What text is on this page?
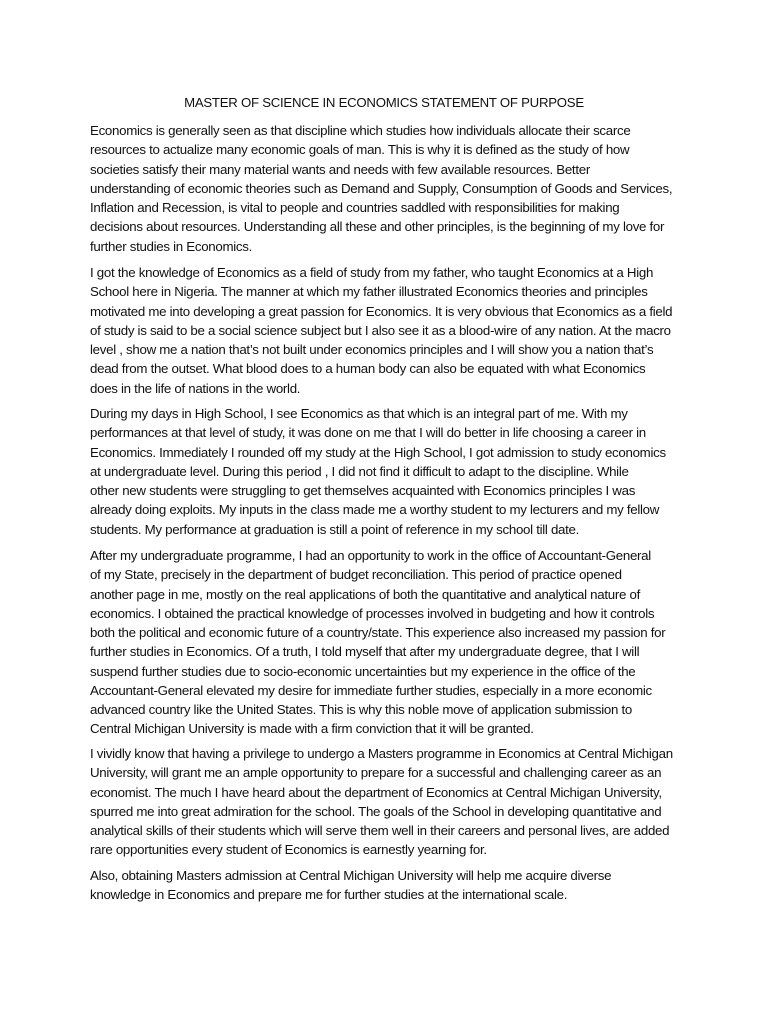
MASTER OF SCIENCE IN ECONOMICS STATEMENT OF PURPOSE
Economics is generally seen as that discipline which studies how individuals allocate their scarce
resources to actualize many economic goals of man. This is why it is defined as the study of how
societies satisfy their many material wants and needs with few available resources. Better
understanding of economic theories such as Demand and Supply, Consumption of Goods and Services,
Inflation and Recession, is vital to people and countries saddled with responsibilities for making
decisions about resources. Understanding all these and other principles, is the beginning of my love for
further studies in Economics.
I got the knowledge of Economics as a field of study from my father, who taught Economics at a High
School here in Nigeria. The manner at which my father illustrated Economics theories and principles
motivated me into developing a great passion for Economics. It is very obvious that Economics as a field
of study is said to be a social science subject but I also see it as a blood-wire of any nation. At the macro
level , show me a nation that’s not built under economics principles and I will show you a nation that’s
dead from the outset. What blood does to a human body can also be equated with what Economics
does in the life of nations in the world.
During my days in High School, I see Economics as that which is an integral part of me. With my
performances at that level of study, it was done on me that I will do better in life choosing a career in
Economics. Immediately I rounded off my study at the High School, I got admission to study economics
at undergraduate level. During this period , I did not find it difficult to adapt to the discipline. While
other new students were struggling to get themselves acquainted with Economics principles I was
already doing exploits. My inputs in the class made me a worthy student to my lecturers and my fellow
students. My performance at graduation is still a point of reference in my school till date.
After my undergraduate programme, I had an opportunity to work in the office of Accountant-General
of my State, precisely in the department of budget reconciliation. This period of practice opened
another page in me, mostly on the real applications of both the quantitative and analytical nature of
economics. I obtained the practical knowledge of processes involved in budgeting and how it controls
both the political and economic future of a country/state. This experience also increased my passion for
further studies in Economics. Of a truth, I told myself that after my undergraduate degree, that I will
suspend further studies due to socio-economic uncertainties but my experience in the office of the
Accountant-General elevated my desire for immediate further studies, especially in a more economic
advanced country like the United States. This is why this noble move of application submission to
Central Michigan University is made with a firm conviction that it will be granted.
I vividly know that having a privilege to undergo a Masters programme in Economics at Central Michigan
University, will grant me an ample opportunity to prepare for a successful and challenging career as an
economist. The much I have heard about the department of Economics at Central Michigan University,
spurred me into great admiration for the school. The goals of the School in developing quantitative and
analytical skills of their students which will serve them well in their careers and personal lives, are added
rare opportunities every student of Economics is earnestly yearning for.
Also, obtaining Masters admission at Central Michigan University will help me acquire diverse
knowledge in Economics and prepare me for further studies at the international scale.
